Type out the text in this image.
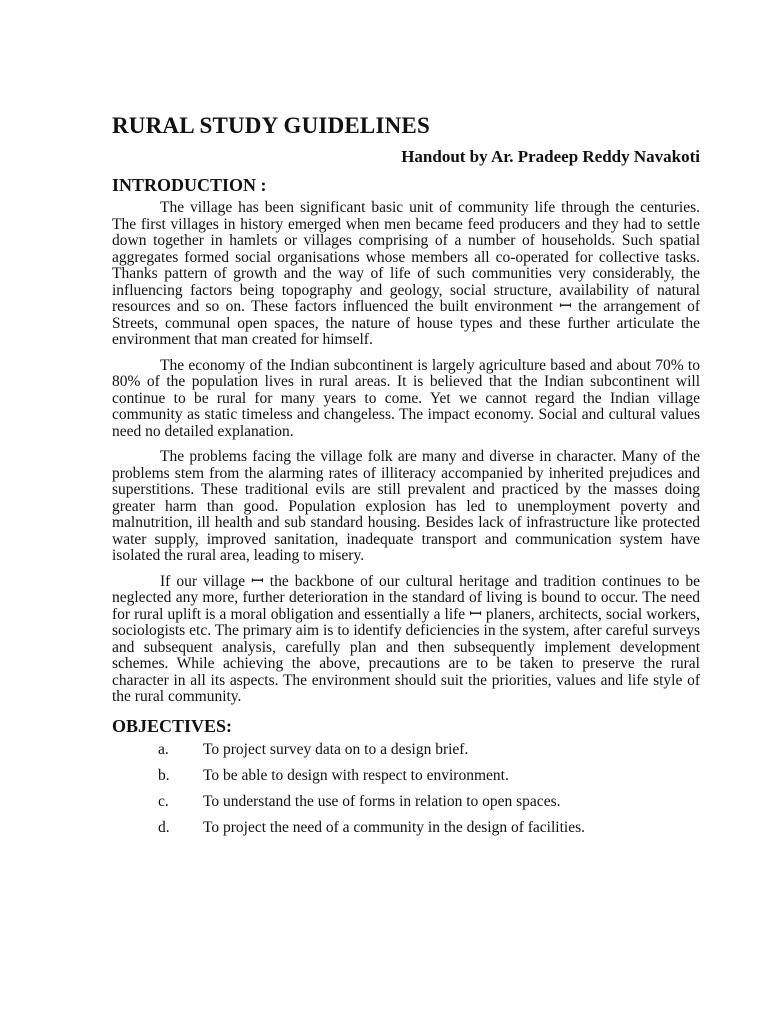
RURAL STUDY GUIDELINES

Handout by Ar. Pradeep Reddy Navakoti

INTRODUCTION :

The village has been significant basic unit of community life through the centuries. The first villages in history emerged when men became feed producers and they had to settle down together in hamlets or villages comprising of a number of households. Such spatial aggregates formed social organisations whose members all co-operated for collective tasks. Thanks pattern of growth and the way of life of such communities very considerably, the influencing factors being topography and geology, social structure, availability of natural resources and so on. These factors influenced the built environment ꟷ the arrangement of Streets, communal open spaces, the nature of house types and these further articulate the environment that man created for himself.

The economy of the Indian subcontinent is largely agriculture based and about 70% to 80% of the population lives in rural areas. It is believed that the Indian subcontinent will continue to be rural for many years to come. Yet we cannot regard the Indian village community as static timeless and changeless. The impact economy. Social and cultural values need no detailed explanation.

The problems facing the village folk are many and diverse in character. Many of the problems stem from the alarming rates of illiteracy accompanied by inherited prejudices and superstitions. These traditional evils are still prevalent and practiced by the masses doing greater harm than good. Population explosion has led to unemployment poverty and malnutrition, ill health and sub standard housing. Besides lack of infrastructure like protected water supply, improved sanitation, inadequate transport and communication system have isolated the rural area, leading to misery.

If our village ꟷ the backbone of our cultural heritage and tradition continues to be neglected any more, further deterioration in the standard of living is bound to occur. The need for rural uplift is a moral obligation and essentially a life ꟷ planers, architects, social workers, sociologists etc. The primary aim is to identify deficiencies in the system, after careful surveys and subsequent analysis, carefully plan and then subsequently implement development schemes. While achieving the above, precautions are to be taken to preserve the rural character in all its aspects. The environment should suit the priorities, values and life style of the rural community.

OBJECTIVES:
a.	To project survey data on to a design brief.
b.	To be able to design with respect to environment.
c.	To understand the use of forms in relation to open spaces.
d.	To project the need of a community in the design of facilities.
